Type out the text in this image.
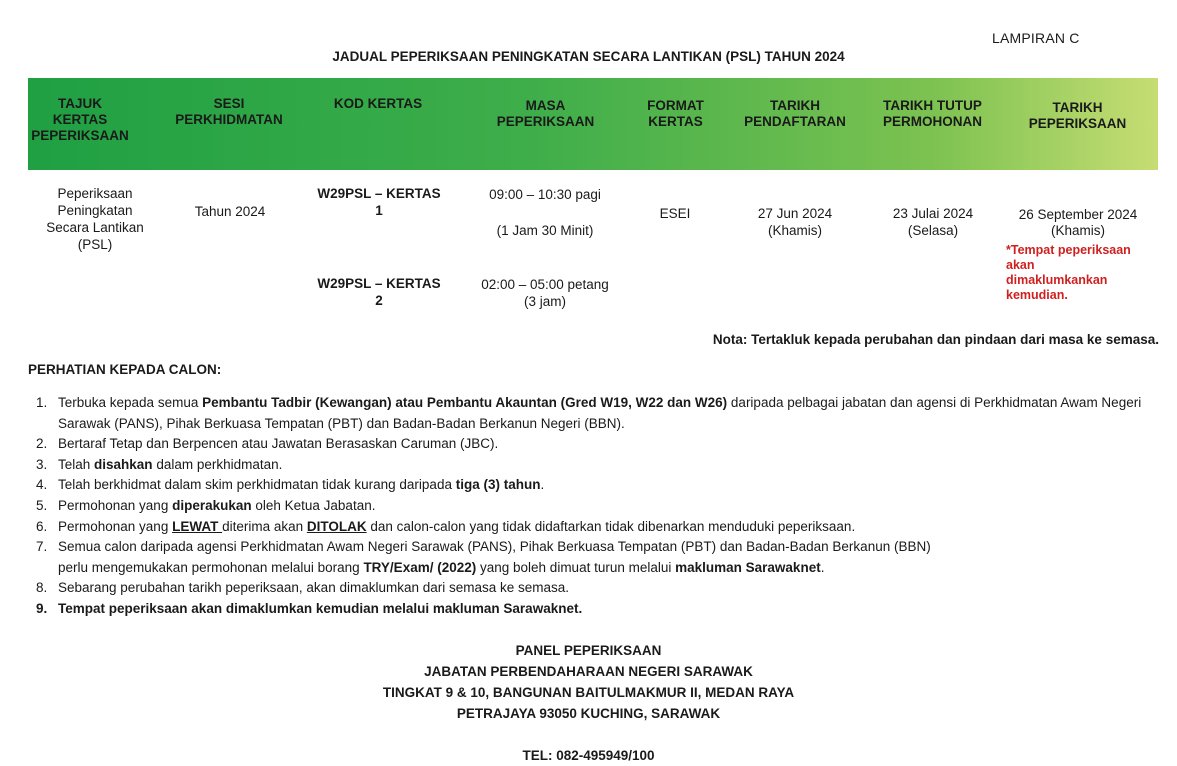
LAMPIRAN C
JADUAL PEPERIKSAAN PENINGKATAN SECARA LANTIKAN (PSL) TAHUN 2024
TAJUK
KERTAS
PEPERIKSAAN
SESI
PERKHIDMATAN
KOD KERTAS	MASA
PEPERIKSAAN
FORMAT
KERTAS
TARIKH
PENDAFTARAN
TARIKH TUTUP
PERMOHONAN
TARIKH
PEPERIKSAAN
Peperiksaan
Peningkatan
Secara Lantikan
(PSL)
Tahun 2024
W29PSL – KERTAS
1
09:00 – 10:30 pagi
(1 Jam 30 Minit)
W29PSL – KERTAS
2
02:00 – 05:00 petang
(3 jam)
ESEI	27 Jun 2024
(Khamis)
23 Julai 2024
(Selasa)
26 September 2024
(Khamis)
*Tempat peperiksaan
akan
dimaklumkankan
kemudian.
Nota: Tertakluk kepada perubahan dan pindaan dari masa ke semasa.
PERHATIAN KEPADA CALON:
1. Terbuka kepada semua Pembantu Tadbir (Kewangan) atau Pembantu Akauntan (Gred W19, W22 dan W26) daripada pelbagai jabatan dan agensi di Perkhidmatan Awam Negeri Sarawak (PANS), Pihak Berkuasa Tempatan (PBT) dan Badan-Badan Berkanun Negeri (BBN).
2. Bertaraf Tetap dan Berpencen atau Jawatan Berasaskan Caruman (JBC).
3. Telah disahkan dalam perkhidmatan.
4. Telah berkhidmat dalam skim perkhidmatan tidak kurang daripada tiga (3) tahun.
5. Permohonan yang diperakukan oleh Ketua Jabatan.
6. Permohonan yang LEWAT diterima akan DITOLAK dan calon-calon yang tidak didaftarkan tidak dibenarkan menduduki peperiksaan.
7. Semua calon daripada agensi Perkhidmatan Awam Negeri Sarawak (PANS), Pihak Berkuasa Tempatan (PBT) dan Badan-Badan Berkanun (BBN)
perlu mengemukakan permohonan melalui borang TRY/Exam/ (2022) yang boleh dimuat turun melalui makluman Sarawaknet.
8. Sebarang perubahan tarikh peperiksaan, akan dimaklumkan dari semasa ke semasa.
9. Tempat peperiksaan akan dimaklumkan kemudian melalui makluman Sarawaknet.
PANEL PEPERIKSAAN
JABATAN PERBENDAHARAAN NEGERI SARAWAK
TINGKAT 9 & 10, BANGUNAN BAITULMAKMUR II, MEDAN RAYA
PETRAJAYA 93050 KUCHING, SARAWAK
TEL: 082-495949/100
